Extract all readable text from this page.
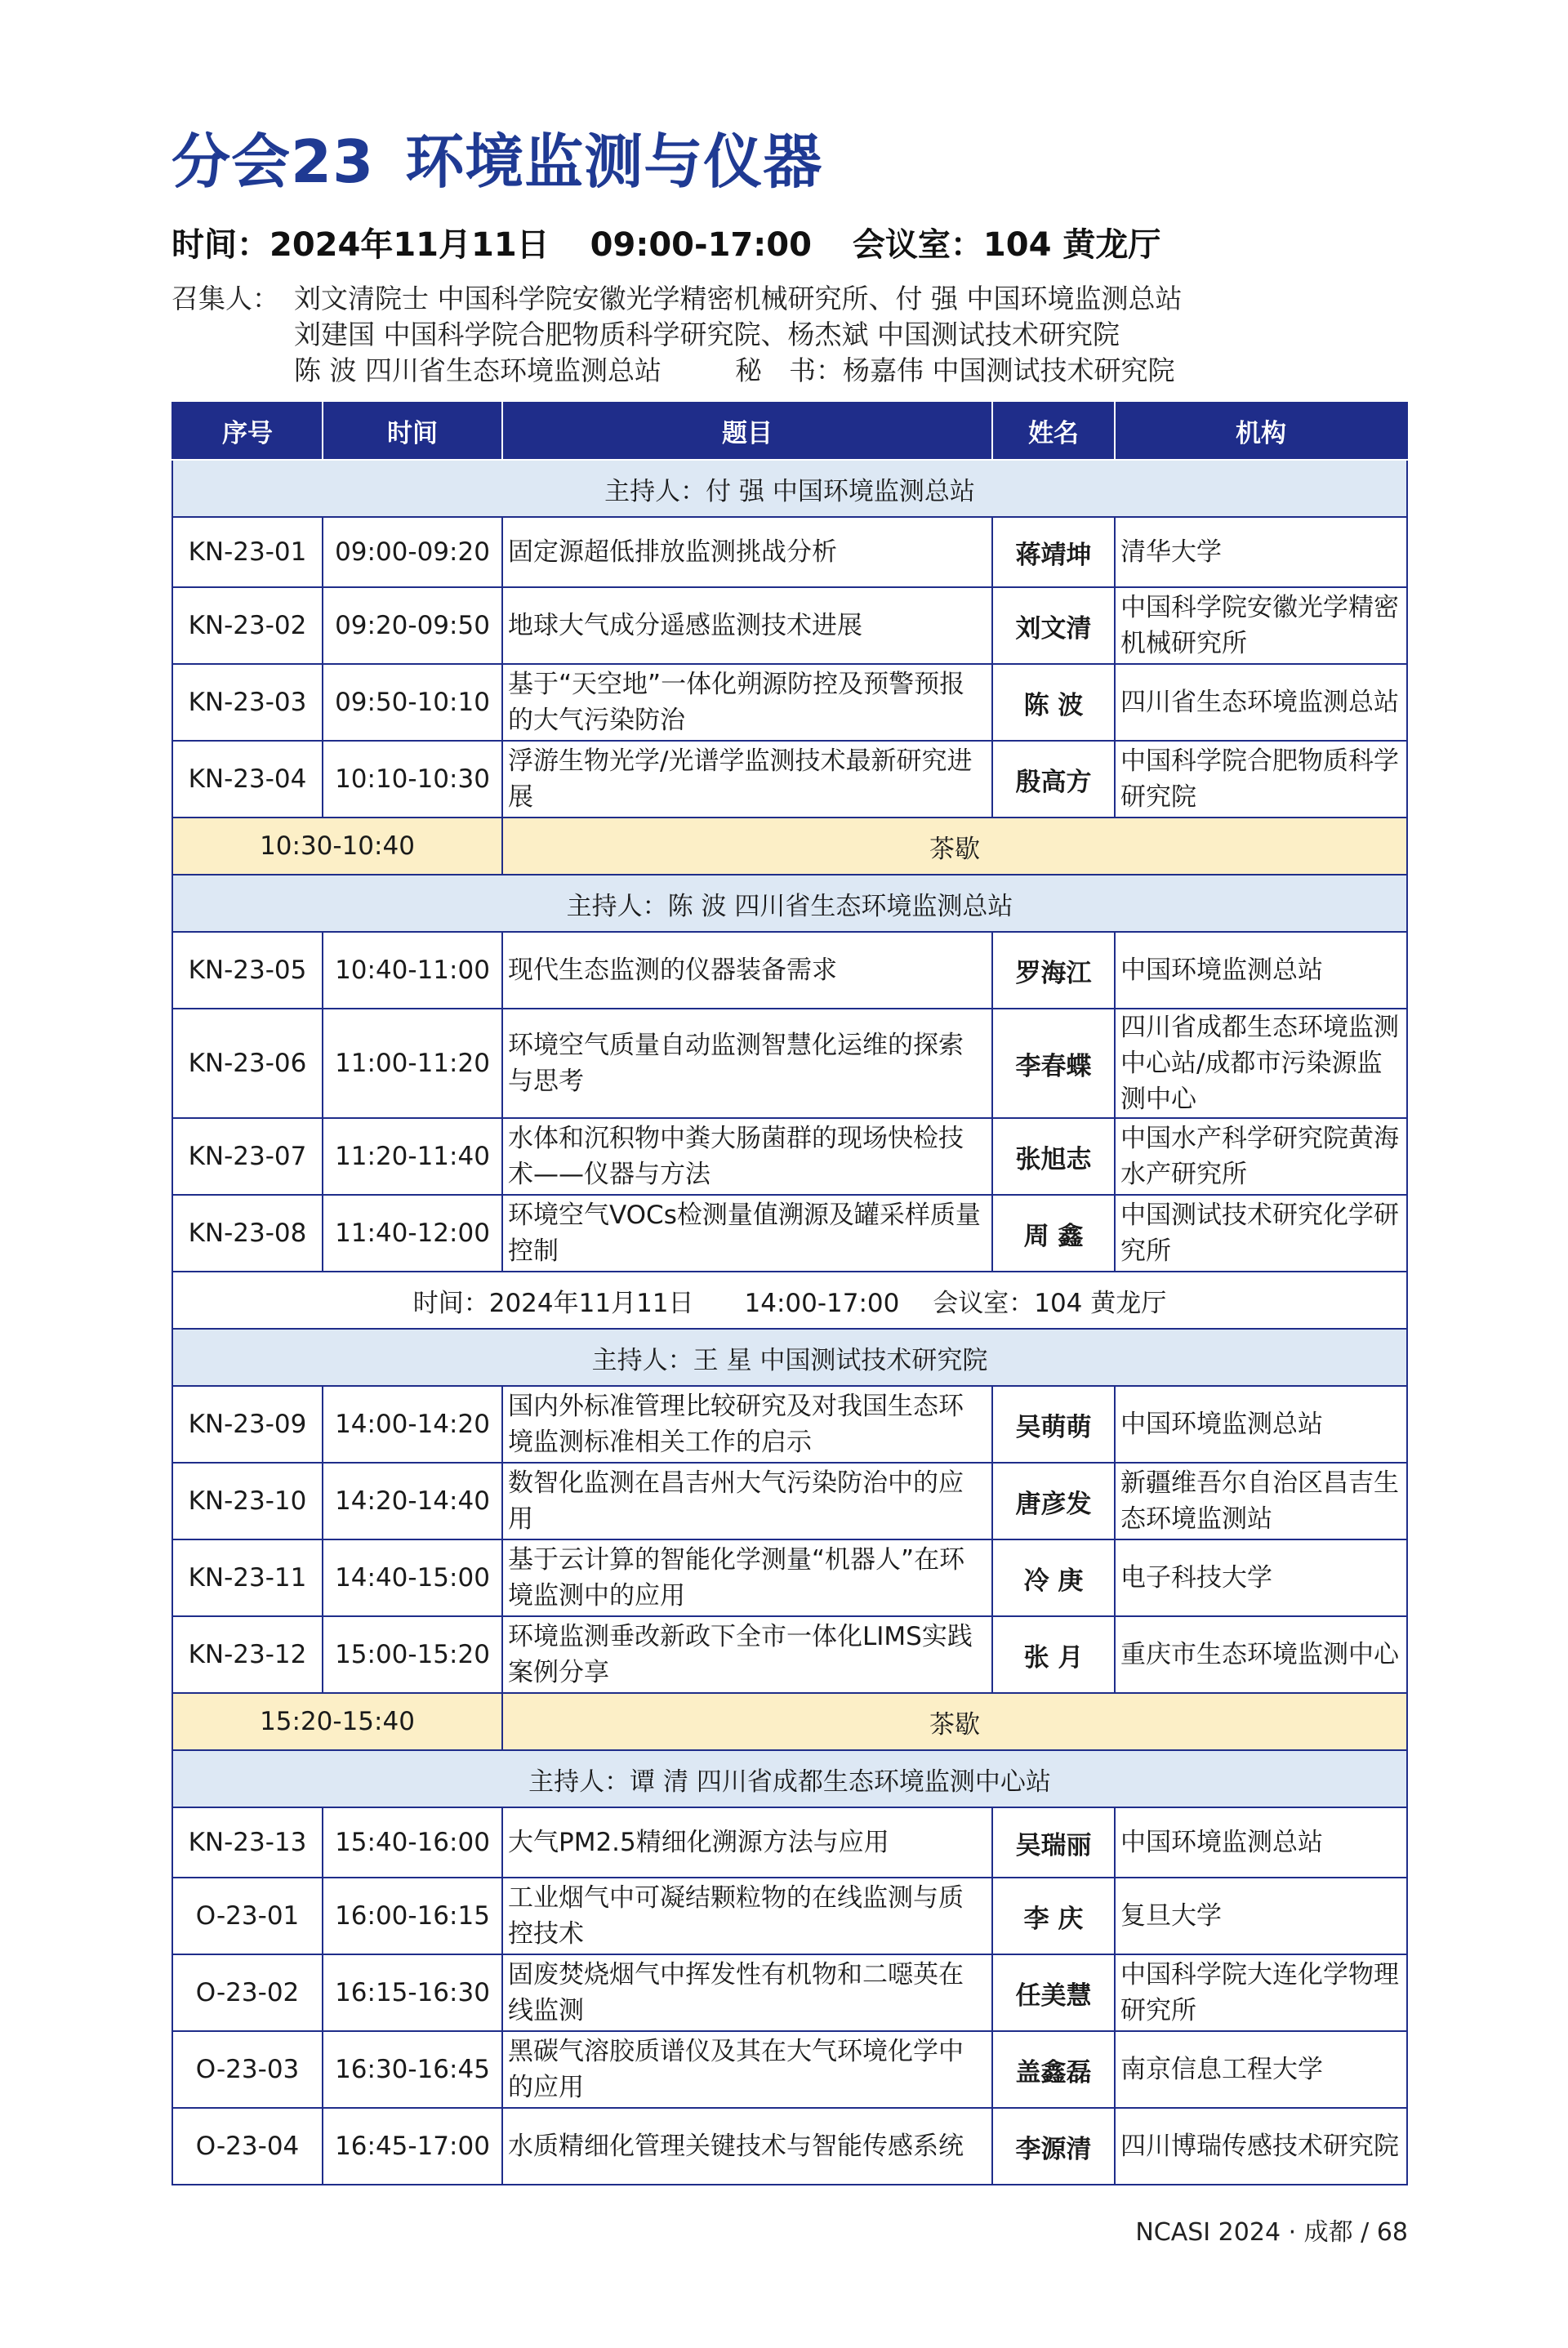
分会23 环境监测与仪器
时间：2024年11月11日 09:00-17:00 会议室：104 黄龙厅
召集人： 刘文清院士 中国科学院安徽光学精密机械研究所、付 强 中国环境监测总站
刘建国 中国科学院合肥物质科学研究院、杨杰斌 中国测试技术研究院
陈 波 四川省生态环境监测总站	秘　书：杨嘉伟 中国测试技术研究院
序号	时间	题目	姓名	机构
主持人：付 强 中国环境监测总站				
KN-23-01	09:00-09:20	固定源超低排放监测挑战分析	蒋靖坤	清华大学
KN-23-02	09:20-09:50	地球大气成分遥感监测技术进展	刘文清	中国科学院安徽光学精密机械研究所
KN-23-03	09:50-10:10	基于“天空地”一体化朔源防控及预警预报的大气污染防治	陈 波	四川省生态环境监测总站
KN-23-04	10:10-10:30	浮游生物光学/光谱学监测技术最新研究进展	殷高方	中国科学院合肥物质科学研究院
10:30-10:40		茶歇		
主持人：陈 波 四川省生态环境监测总站				
KN-23-05	10:40-11:00	现代生态监测的仪器装备需求	罗海江	中国环境监测总站
KN-23-06	11:00-11:20	环境空气质量自动监测智慧化运维的探索与思考	李春蝶	四川省成都生态环境监测中心站/成都市污染源监测中心
KN-23-07	11:20-11:40	水体和沉积物中粪大肠菌群的现场快检技术——仪器与方法	张旭志	中国水产科学研究院黄海水产研究所
KN-23-08	11:40-12:00	环境空气VOCs检测量值溯源及罐采样质量控制	周 鑫	中国测试技术研究化学研究所
时间：2024年11月11日　　14:00-17:00　 会议室：104 黄龙厅				
主持人：王 星 中国测试技术研究院				
KN-23-09	14:00-14:20	国内外标准管理比较研究及对我国生态环境监测标准相关工作的启示	吴萌萌	中国环境监测总站
KN-23-10	14:20-14:40	数智化监测在昌吉州大气污染防治中的应用	唐彦发	新疆维吾尔自治区昌吉生态环境监测站
KN-23-11	14:40-15:00	基于云计算的智能化学测量“机器人”在环境监测中的应用	冷 庚	电子科技大学
KN-23-12	15:00-15:20	环境监测垂改新政下全市一体化LIMS实践案例分享	张 月	重庆市生态环境监测中心
15:20-15:40		茶歇		
主持人：谭 清 四川省成都生态环境监测中心站				
KN-23-13	15:40-16:00	大气PM2.5精细化溯源方法与应用	吴瑞丽	中国环境监测总站
O-23-01	16:00-16:15	工业烟气中可凝结颗粒物的在线监测与质控技术	李 庆	复旦大学
O-23-02	16:15-16:30	固废焚烧烟气中挥发性有机物和二噁英在线监测	任美慧	中国科学院大连化学物理研究所
O-23-03	16:30-16:45	黑碳气溶胶质谱仪及其在大气环境化学中的应用	盖鑫磊	南京信息工程大学
O-23-04	16:45-17:00	水质精细化管理关键技术与智能传感系统	李源清	四川博瑞传感技术研究院
NCASI 2024 · 成都 / 68
